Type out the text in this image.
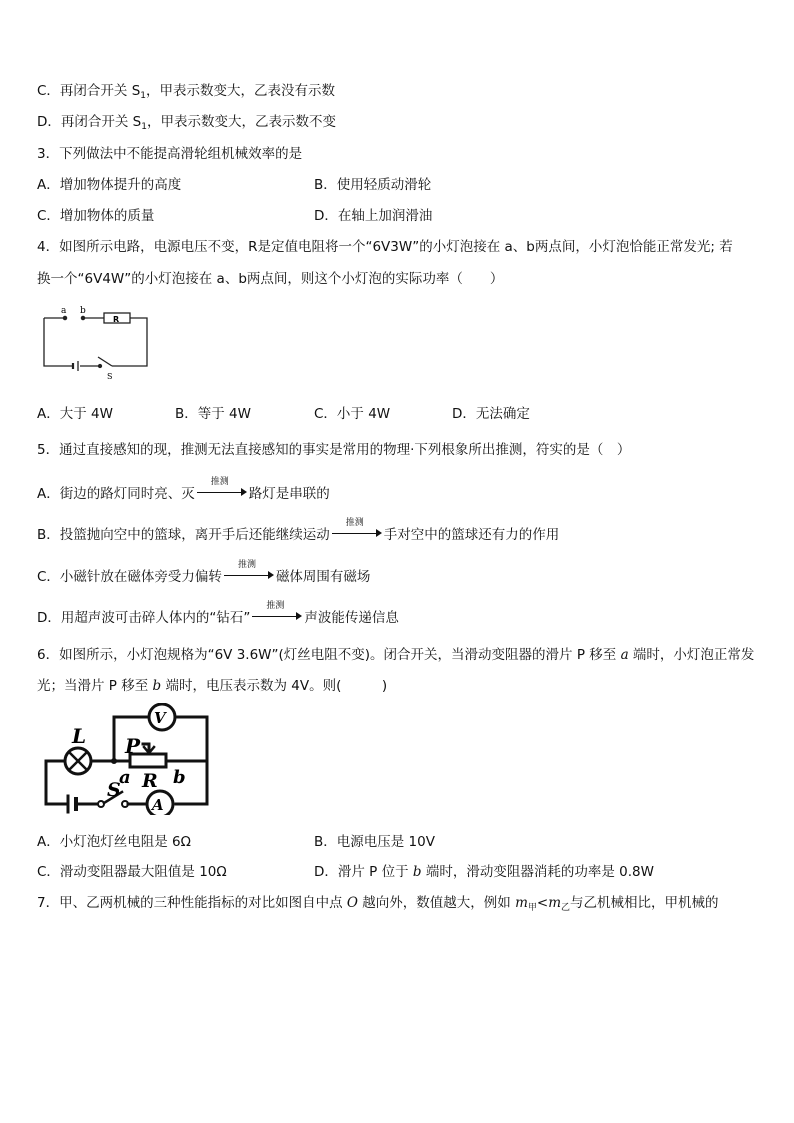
C．再闭合开关 $S_1$，甲表示数变大，乙表没有示数
D．再闭合开关 $S_1$，甲表示数变大，乙表示数不变
3．下列做法中不能提高滑轮组机械效率的是
A．增加物体提升的高度	B．使用轻质动滑轮
C．增加物体的质量	D．在轴上加润滑油
4．如图所示电路，电源电压不变，R是定值电阻将一个“6V3W”的小灯泡接在 a、b两点间，小灯泡恰能正常发光; 若
换一个“6V4W”的小灯泡接在 a、b两点间，则这个小灯泡的实际功率（　　）
a b
R
S
A．大于 4W	B．等于 4W	C．小于 4W	D．无法确定
5．通过直接感知的现，推测无法直接感知的事实是常用的物理·下列根象所出推测，符实的是（　）
A．街边的路灯同时亮、灭
推测
路灯是串联的
B．投篮抛向空中的篮球，离开手后还能继续运动
推测
手对空中的篮球还有力的作用
C．小磁针放在磁体旁受力偏转
推测
磁体周围有磁场
D．用超声波可击碎人体内的“钻石”
推测
声波能传递信息
6．如图所示，小灯泡规格为“6V 3.6W”(灯丝电阻不变)。闭合开关，当滑动变阻器的滑片 P 移至 a 端时，小灯泡正常发
光；当滑片 P 移至 b 端时，电压表示数为 4V。则(　　　)
L P
V
a R b
S
A
A．小灯泡灯丝电阻是 6Ω	B．电源电压是 10V
C．滑动变阻器最大阻值是 10Ω	D．滑片 P 位于 b 端时，滑动变阻器消耗的功率是 0.8W
7．甲、乙两机械的三种性能指标的对比如图自中点 O 越向外，数值越大，例如 $m_甲<m_乙$与乙机械相比，甲机械的
